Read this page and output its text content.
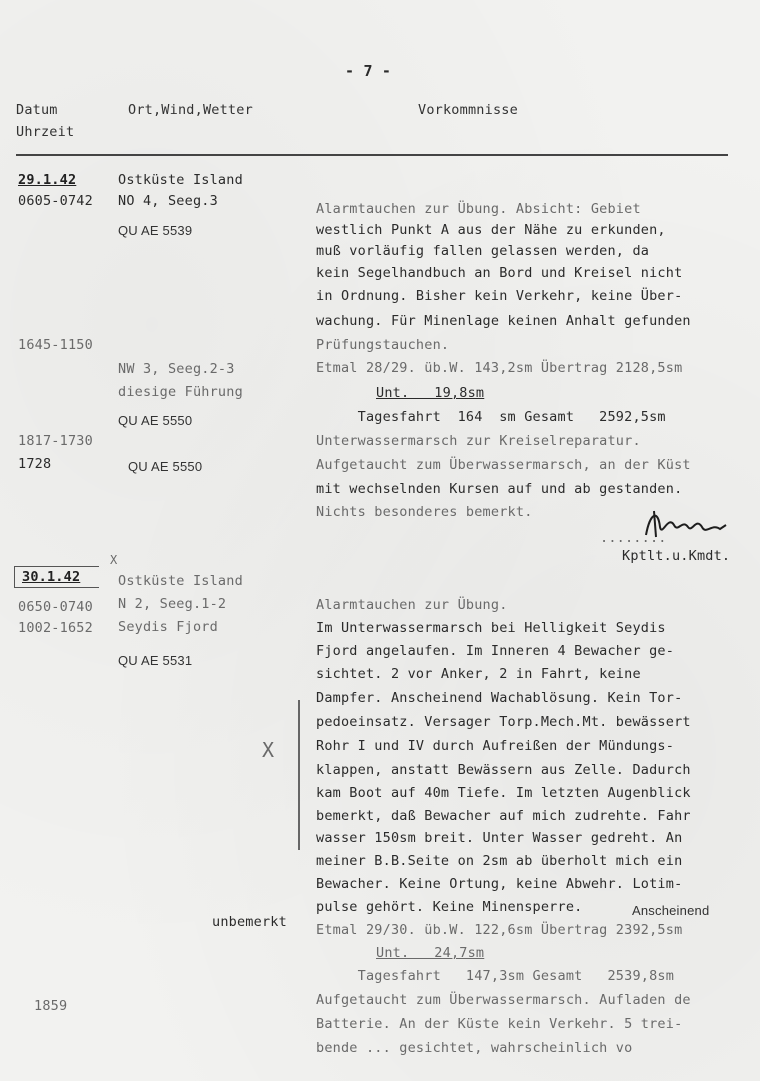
- 7 -
Datum
Uhrzeit
Ort,Wind,Wetter	Vorkommnisse
29.1.42
0605-0742
1645-1150
1817-1730
1728
30.1.42
0650-0740
1002-1652
1859
Ostküste Island
NO 4, Seeg.3
QU AE 5539
NW 3, Seeg.2-3
diesige Führung
QU AE 5550
QU AE 5550
Ostküste Island
N 2, Seeg.1-2
Seydis Fjord
QU AE 5531
unbemerkt
X
X
Alarmtauchen zur Übung. Absicht: Gebiet
westlich Punkt A aus der Nähe zu erkunden,
muß vorläufig fallen gelassen werden, da
kein Segelhandbuch an Bord und Kreisel nicht
in Ordnung. Bisher kein Verkehr, keine Über-
wachung. Für Minenlage keinen Anhalt gefunden
Prüfungstauchen.
Etmal 28/29. üb.W. 143,2sm Übertrag 2128,5sm
Unt.   19,8sm
Tagesfahrt  164  sm Gesamt   2592,5sm
Unterwassermarsch zur Kreiselreparatur.
Aufgetaucht zum Überwassermarsch, an der Küst
mit wechselnden Kursen auf und ab gestanden.
Nichts besonderes bemerkt.
........
Kptlt.u.Kmdt.
Alarmtauchen zur Übung.
Im Unterwassermarsch bei Helligkeit Seydis
Fjord angelaufen. Im Inneren 4 Bewacher ge-
sichtet. 2 vor Anker, 2 in Fahrt, keine
Dampfer. Anscheinend Wachablösung. Kein Tor-
pedoeinsatz. Versager Torp.Mech.Mt. bewässert
Rohr I und IV durch Aufreißen der Mündungs-
klappen, anstatt Bewässern aus Zelle. Dadurch
kam Boot auf 40m Tiefe. Im letzten Augenblick
bemerkt, daß Bewacher auf mich zudrehte. Fahr
wasser 150sm breit. Unter Wasser gedreht. An
meiner B.B.Seite on 2sm ab überholt mich ein
Bewacher. Keine Ortung, keine Abwehr. Lotim-
pulse gehört. Keine Minensperre.	Anscheinend
Etmal 29/30. üb.W. 122,6sm Übertrag 2392,5sm
Unt.   24,7sm
Tagesfahrt   147,3sm Gesamt   2539,8sm
Aufgetaucht zum Überwassermarsch. Aufladen de
Batterie. An der Küste kein Verkehr. 5 trei-
bende ... gesichtet, wahrscheinlich vo
